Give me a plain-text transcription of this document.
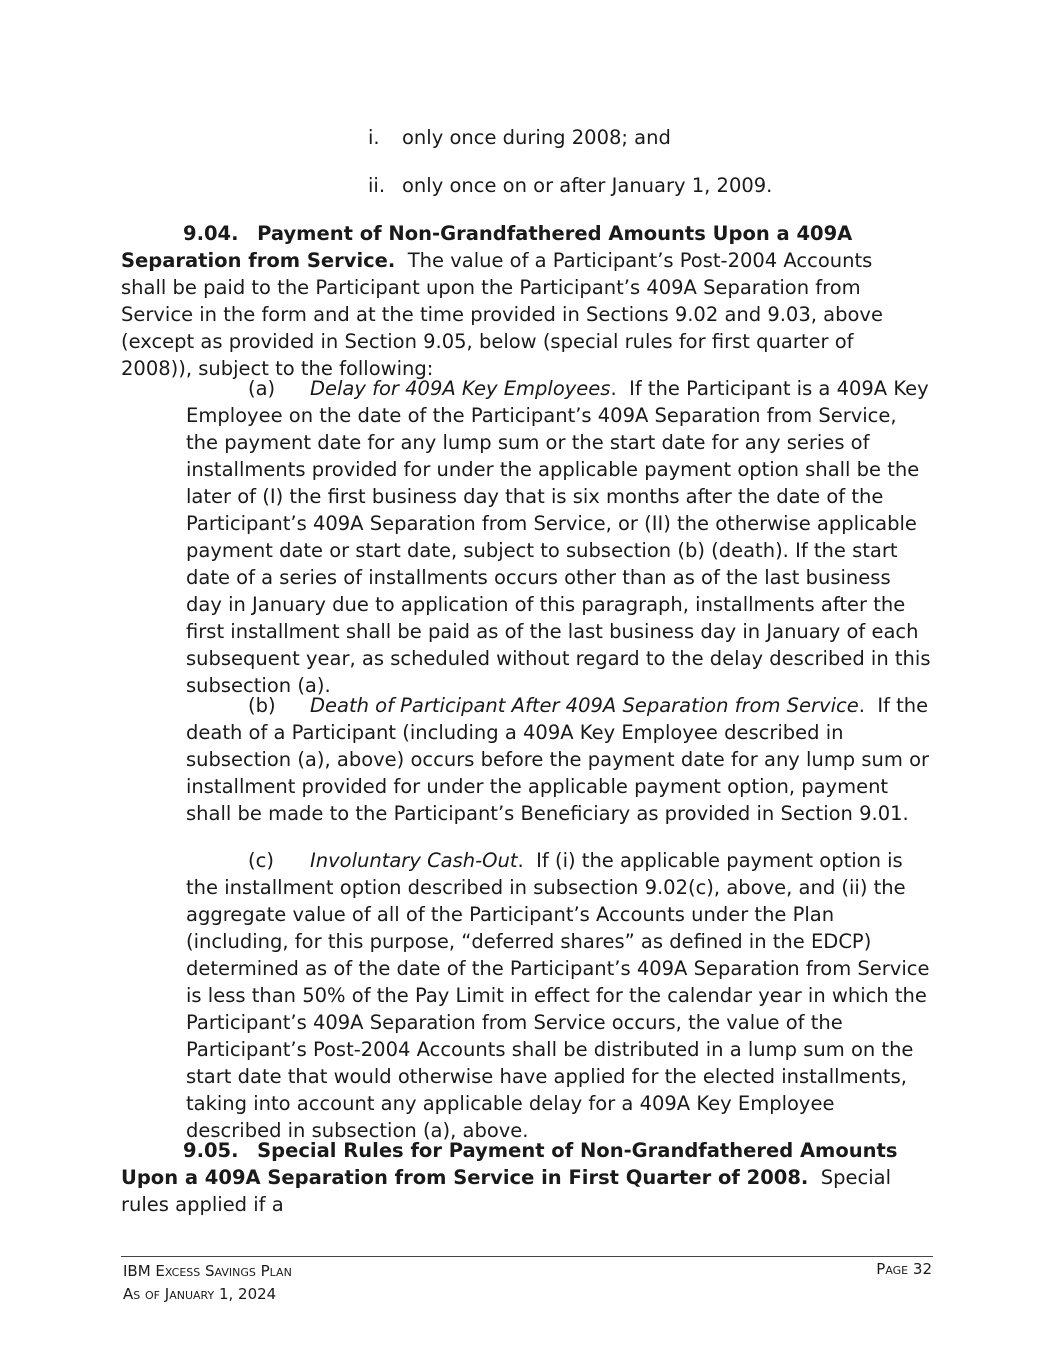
i. only once during 2008; and
ii. only once on or after January 1, 2009.
9.04. Payment of Non-Grandfathered Amounts Upon a 409A Separation from Service. The value of a Participant’s Post-2004 Accounts shall be paid to the Participant upon the Participant’s 409A Separation from Service in the form and at the time provided in Sections 9.02 and 9.03, above (except as provided in Section 9.05, below (special rules for first quarter of 2008)), subject to the following:
(a) Delay for 409A Key Employees.  If the Participant is a 409A Key Employee on the date of the Participant’s 409A Separation from Service, the payment date for any lump sum or the start date for any series of installments provided for under the applicable payment option shall be the later of (I) the first business day that is six months after the date of the Participant’s 409A Separation from Service, or (II) the otherwise applicable payment date or start date, subject to subsection (b) (death). If the start date of a series of installments occurs other than as of the last business day in January due to application of this paragraph, installments after the first installment shall be paid as of the last business day in January of each subsequent year, as scheduled without regard to the delay described in this subsection (a).
(b) Death of Participant After 409A Separation from Service.  If the death of a Participant (including a 409A Key Employee described in subsection (a), above) occurs before the payment date for any lump sum or installment provided for under the applicable payment option, payment shall be made to the Participant’s Beneficiary as provided in Section 9.01.
(c) Involuntary Cash-Out.  If (i) the applicable payment option is the installment option described in subsection 9.02(c), above, and (ii) the aggregate value of all of the Participant’s Accounts under the Plan (including, for this purpose, “deferred shares” as defined in the EDCP) determined as of the date of the Participant’s 409A Separation from Service is less than 50% of the Pay Limit in effect for the calendar year in which the Participant’s 409A Separation from Service occurs, the value of the Participant’s Post-2004 Accounts shall be distributed in a lump sum on the start date that would otherwise have applied for the elected installments, taking into account any applicable delay for a 409A Key Employee described in subsection (a), above.
9.05. Special Rules for Payment of Non-Grandfathered Amounts Upon a 409A Separation from Service in First Quarter of 2008. Special rules applied if a
IBM Excess Savings Plan
As of January 1, 2024
Page 32
